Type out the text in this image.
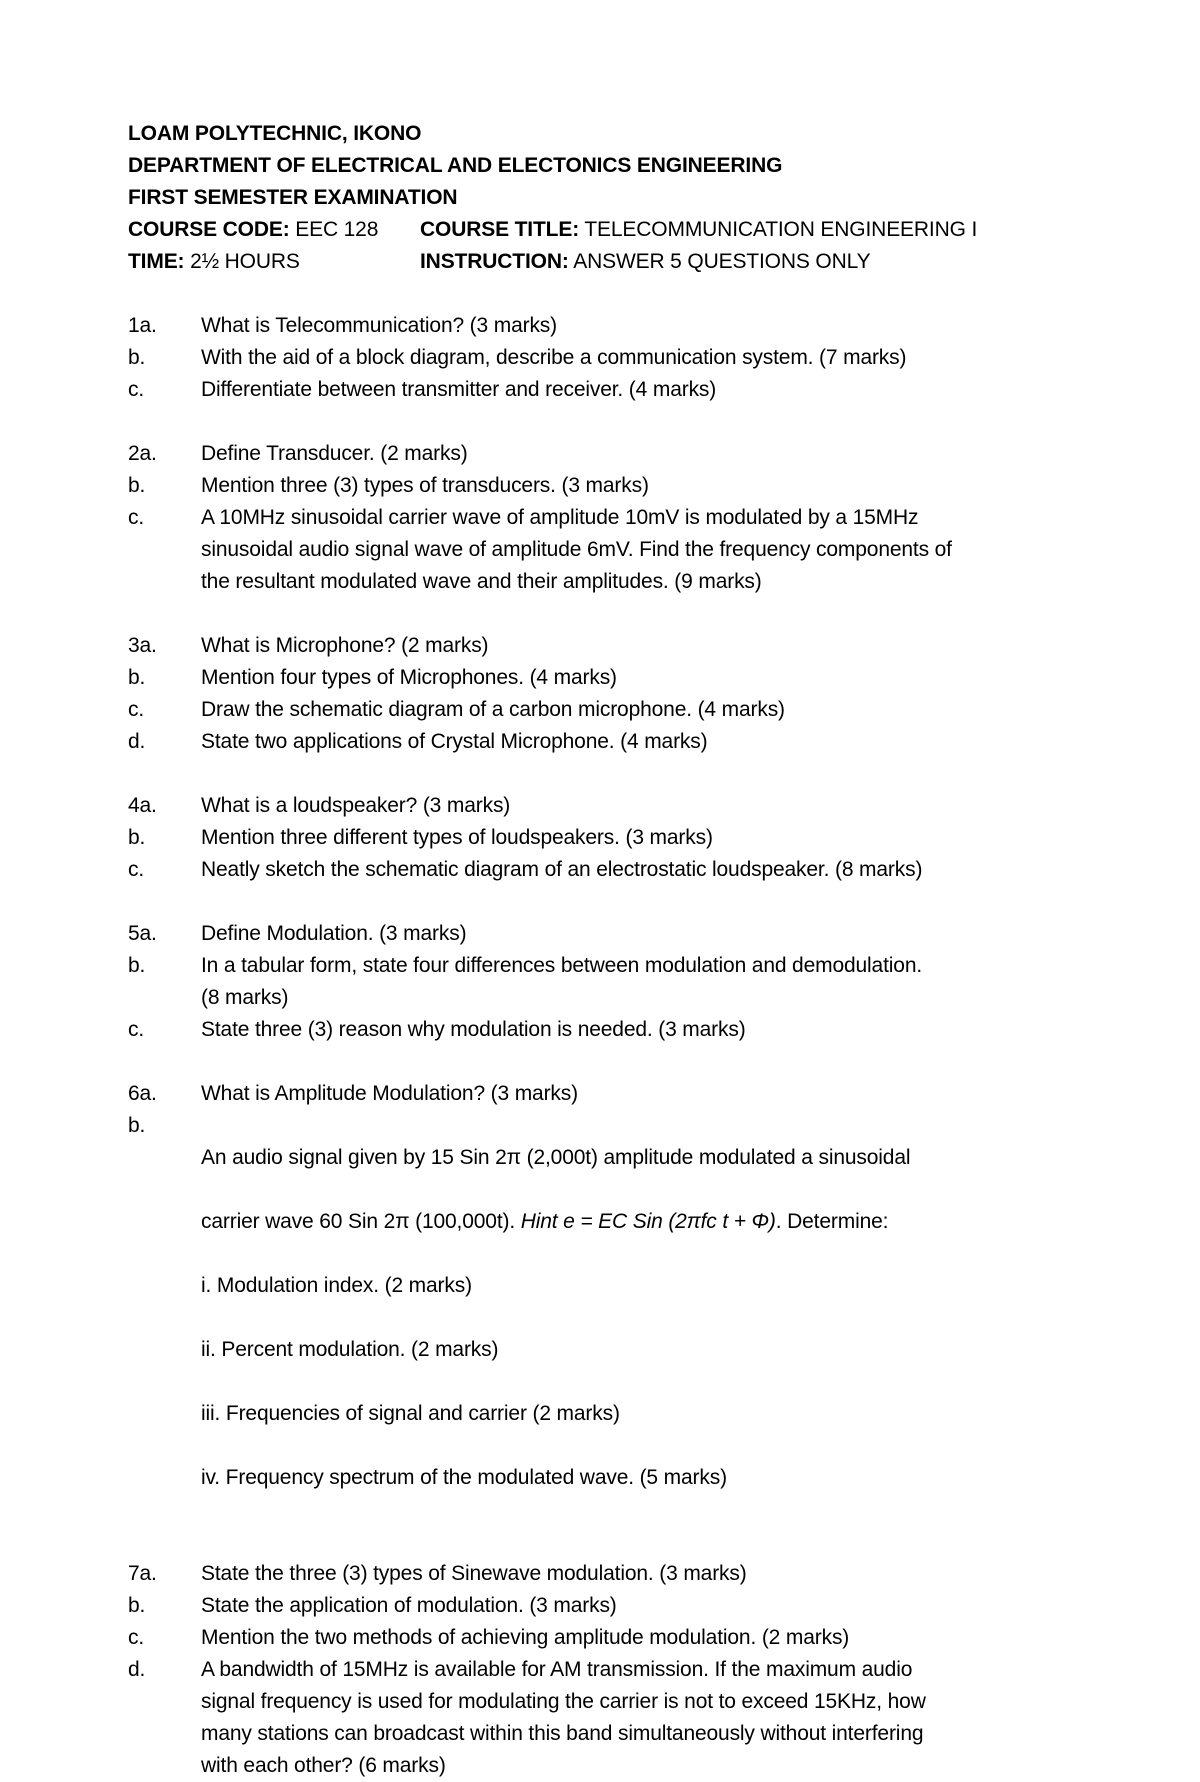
LOAM POLYTECHNIC, IKONO
DEPARTMENT OF ELECTRICAL AND ELECTONICS ENGINEERING
FIRST SEMESTER EXAMINATION
COURSE CODE: EEC 128	COURSE TITLE: TELECOMMUNICATION ENGINEERING I
TIME: 2½ HOURS	INSTRUCTION: ANSWER 5 QUESTIONS ONLY
1a.	What is Telecommunication? (3 marks)
b.	With the aid of a block diagram, describe a communication system. (7 marks)
c.	Differentiate between transmitter and receiver. (4 marks)
2a.	Define Transducer. (2 marks)
b.	Mention three (3) types of transducers. (3 marks)
c.	A 10MHz sinusoidal carrier wave of amplitude 10mV is modulated by a 15MHz
sinusoidal audio signal wave of amplitude 6mV. Find the frequency components of
the resultant modulated wave and their amplitudes. (9 marks)
3a.	What is Microphone? (2 marks)
b.	Mention four types of Microphones. (4 marks)
c.	Draw the schematic diagram of a carbon microphone. (4 marks)
d.	State two applications of Crystal Microphone. (4 marks)
4a.	What is a loudspeaker? (3 marks)
b.	Mention three different types of loudspeakers. (3 marks)
c.	Neatly sketch the schematic diagram of an electrostatic loudspeaker. (8 marks)
5a.	Define Modulation. (3 marks)
b.	In a tabular form, state four differences between modulation and demodulation.
(8 marks)
c.	State three (3) reason why modulation is needed. (3 marks)
6a.	What is Amplitude Modulation? (3 marks)
b.

An audio signal given by 15 Sin 2π (2,000t) amplitude modulated a sinusoidal

carrier wave 60 Sin 2π (100,000t). Hint e = EC Sin (2πfc t + Φ). Determine:

i. Modulation index. (2 marks)

ii. Percent modulation. (2 marks)

iii. Frequencies of signal and carrier (2 marks)

iv. Frequency spectrum of the modulated wave. (5 marks)

7a.	State the three (3) types of Sinewave modulation. (3 marks)
b.	State the application of modulation. (3 marks)
c.	Mention the two methods of achieving amplitude modulation. (2 marks)
d.	A bandwidth of 15MHz is available for AM transmission. If the maximum audio
signal frequency is used for modulating the carrier is not to exceed 15KHz, how
many stations can broadcast within this band simultaneously without interfering
with each other? (6 marks)
